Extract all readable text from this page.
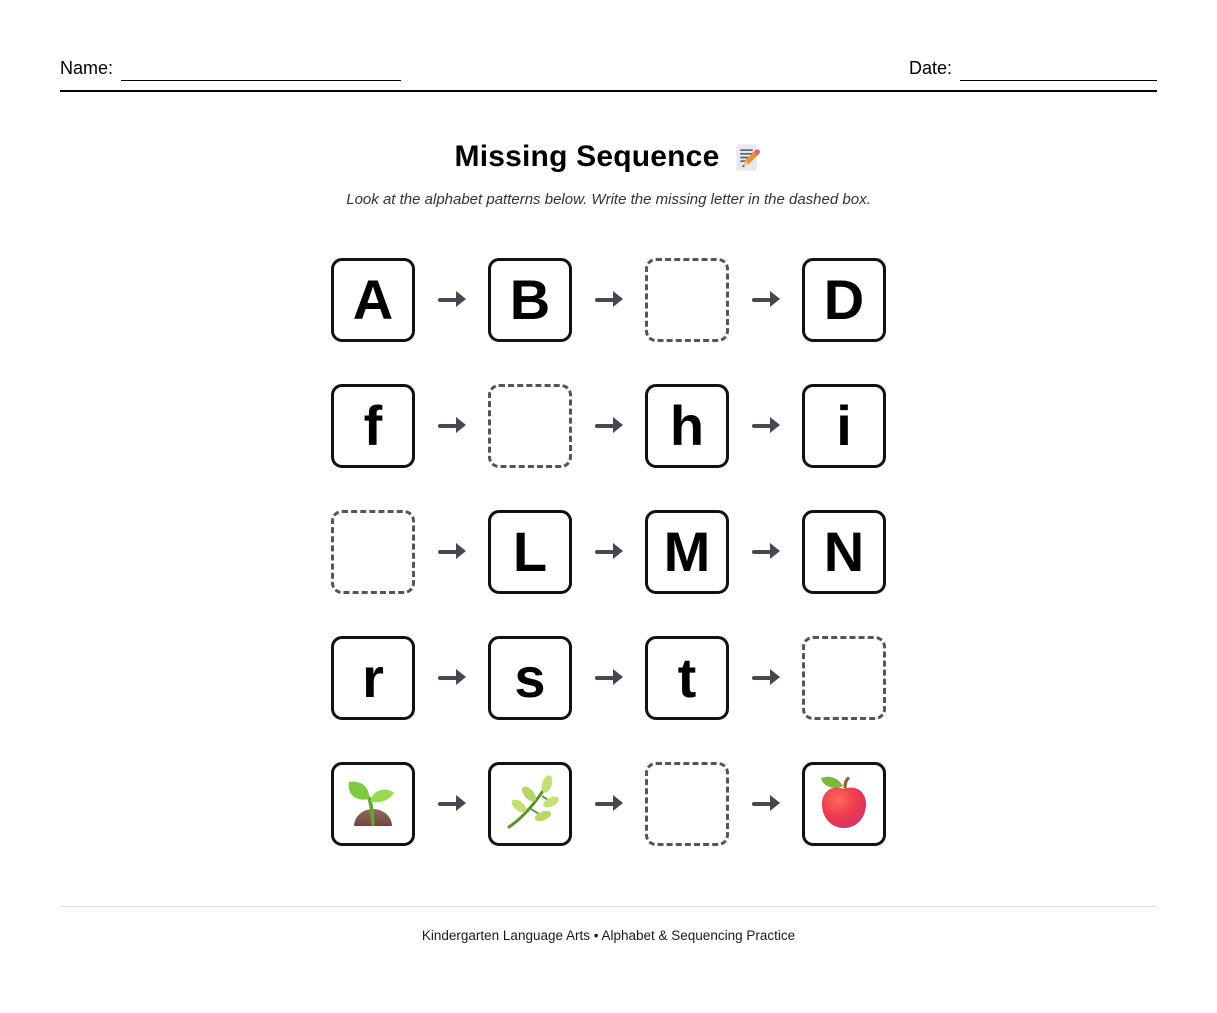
Name:	Date:
Missing Sequence

Look at the alphabet patterns below. Write the missing letter in the dashed box.

A B	D
f	h i
L M N
r s t

Kindergarten Language Arts • Alphabet & Sequencing Practice
